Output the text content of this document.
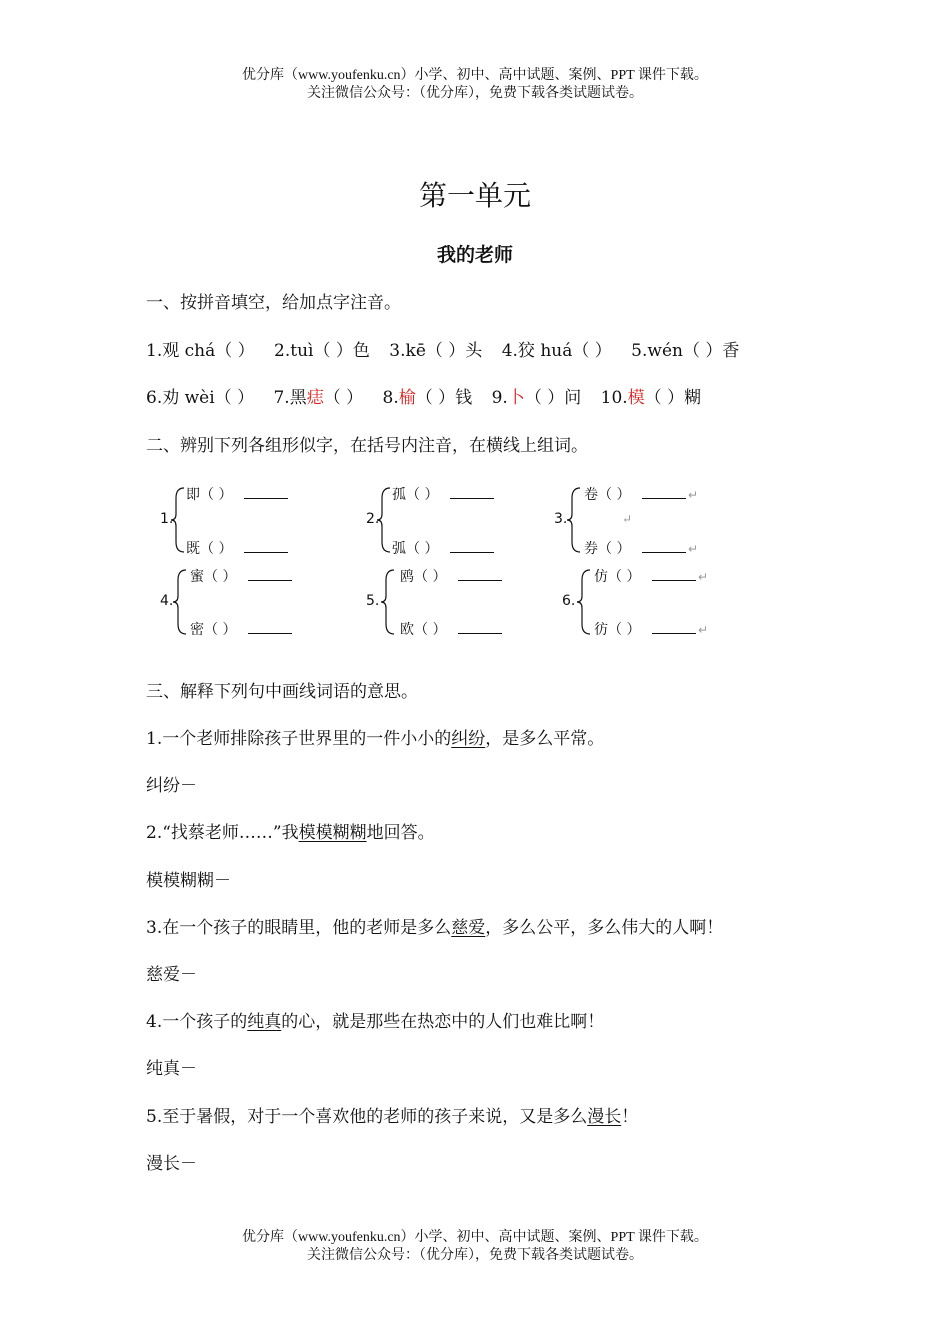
优分库（www.youfenku.cn）小学、初中、高中试题、案例、PPT 课件下载。
关注微信公众号：（优分库），免费下载各类试题试卷。
第一单元
我的老师
一、按拼音填空，给加点字注音。
1.观 chá（ ） 2.tuì（ ）色 3.kē（ ）头 4.狡 huá（ ） 5.wén（ ）香
6.劝 wèi（ ） 7.黑痣（ ） 8.榆（ ）钱 9.卜（ ）问 10.模（ ）糊
二、辨别下列各组形似字，在括号内注音，在横线上组词。
1.
即（ ）
既（ ）
2.
孤（ ）
弧（ ）
3.
卷（ ）	↵
↵
券（ ）	↵
4.
蜜（ ）
密（ ）
5.
鸥（ ）
欧（ ）
6.
仿（ ）	↵
彷（ ）	↵
三、解释下列句中画线词语的意思。
1.一个老师排除孩子世界里的一件小小的纠纷，是多么平常。
纠纷－
2.“找蔡老师……”我模模糊糊地回答。
模模糊糊－
3.在一个孩子的眼睛里，他的老师是多么慈爱，多么公平，多么伟大的人啊！
慈爱－
4.一个孩子的纯真的心，就是那些在热恋中的人们也难比啊！
纯真－
5.至于暑假，对于一个喜欢他的老师的孩子来说，又是多么漫长！
漫长－
优分库（www.youfenku.cn）小学、初中、高中试题、案例、PPT 课件下载。
关注微信公众号：（优分库），免费下载各类试题试卷。
